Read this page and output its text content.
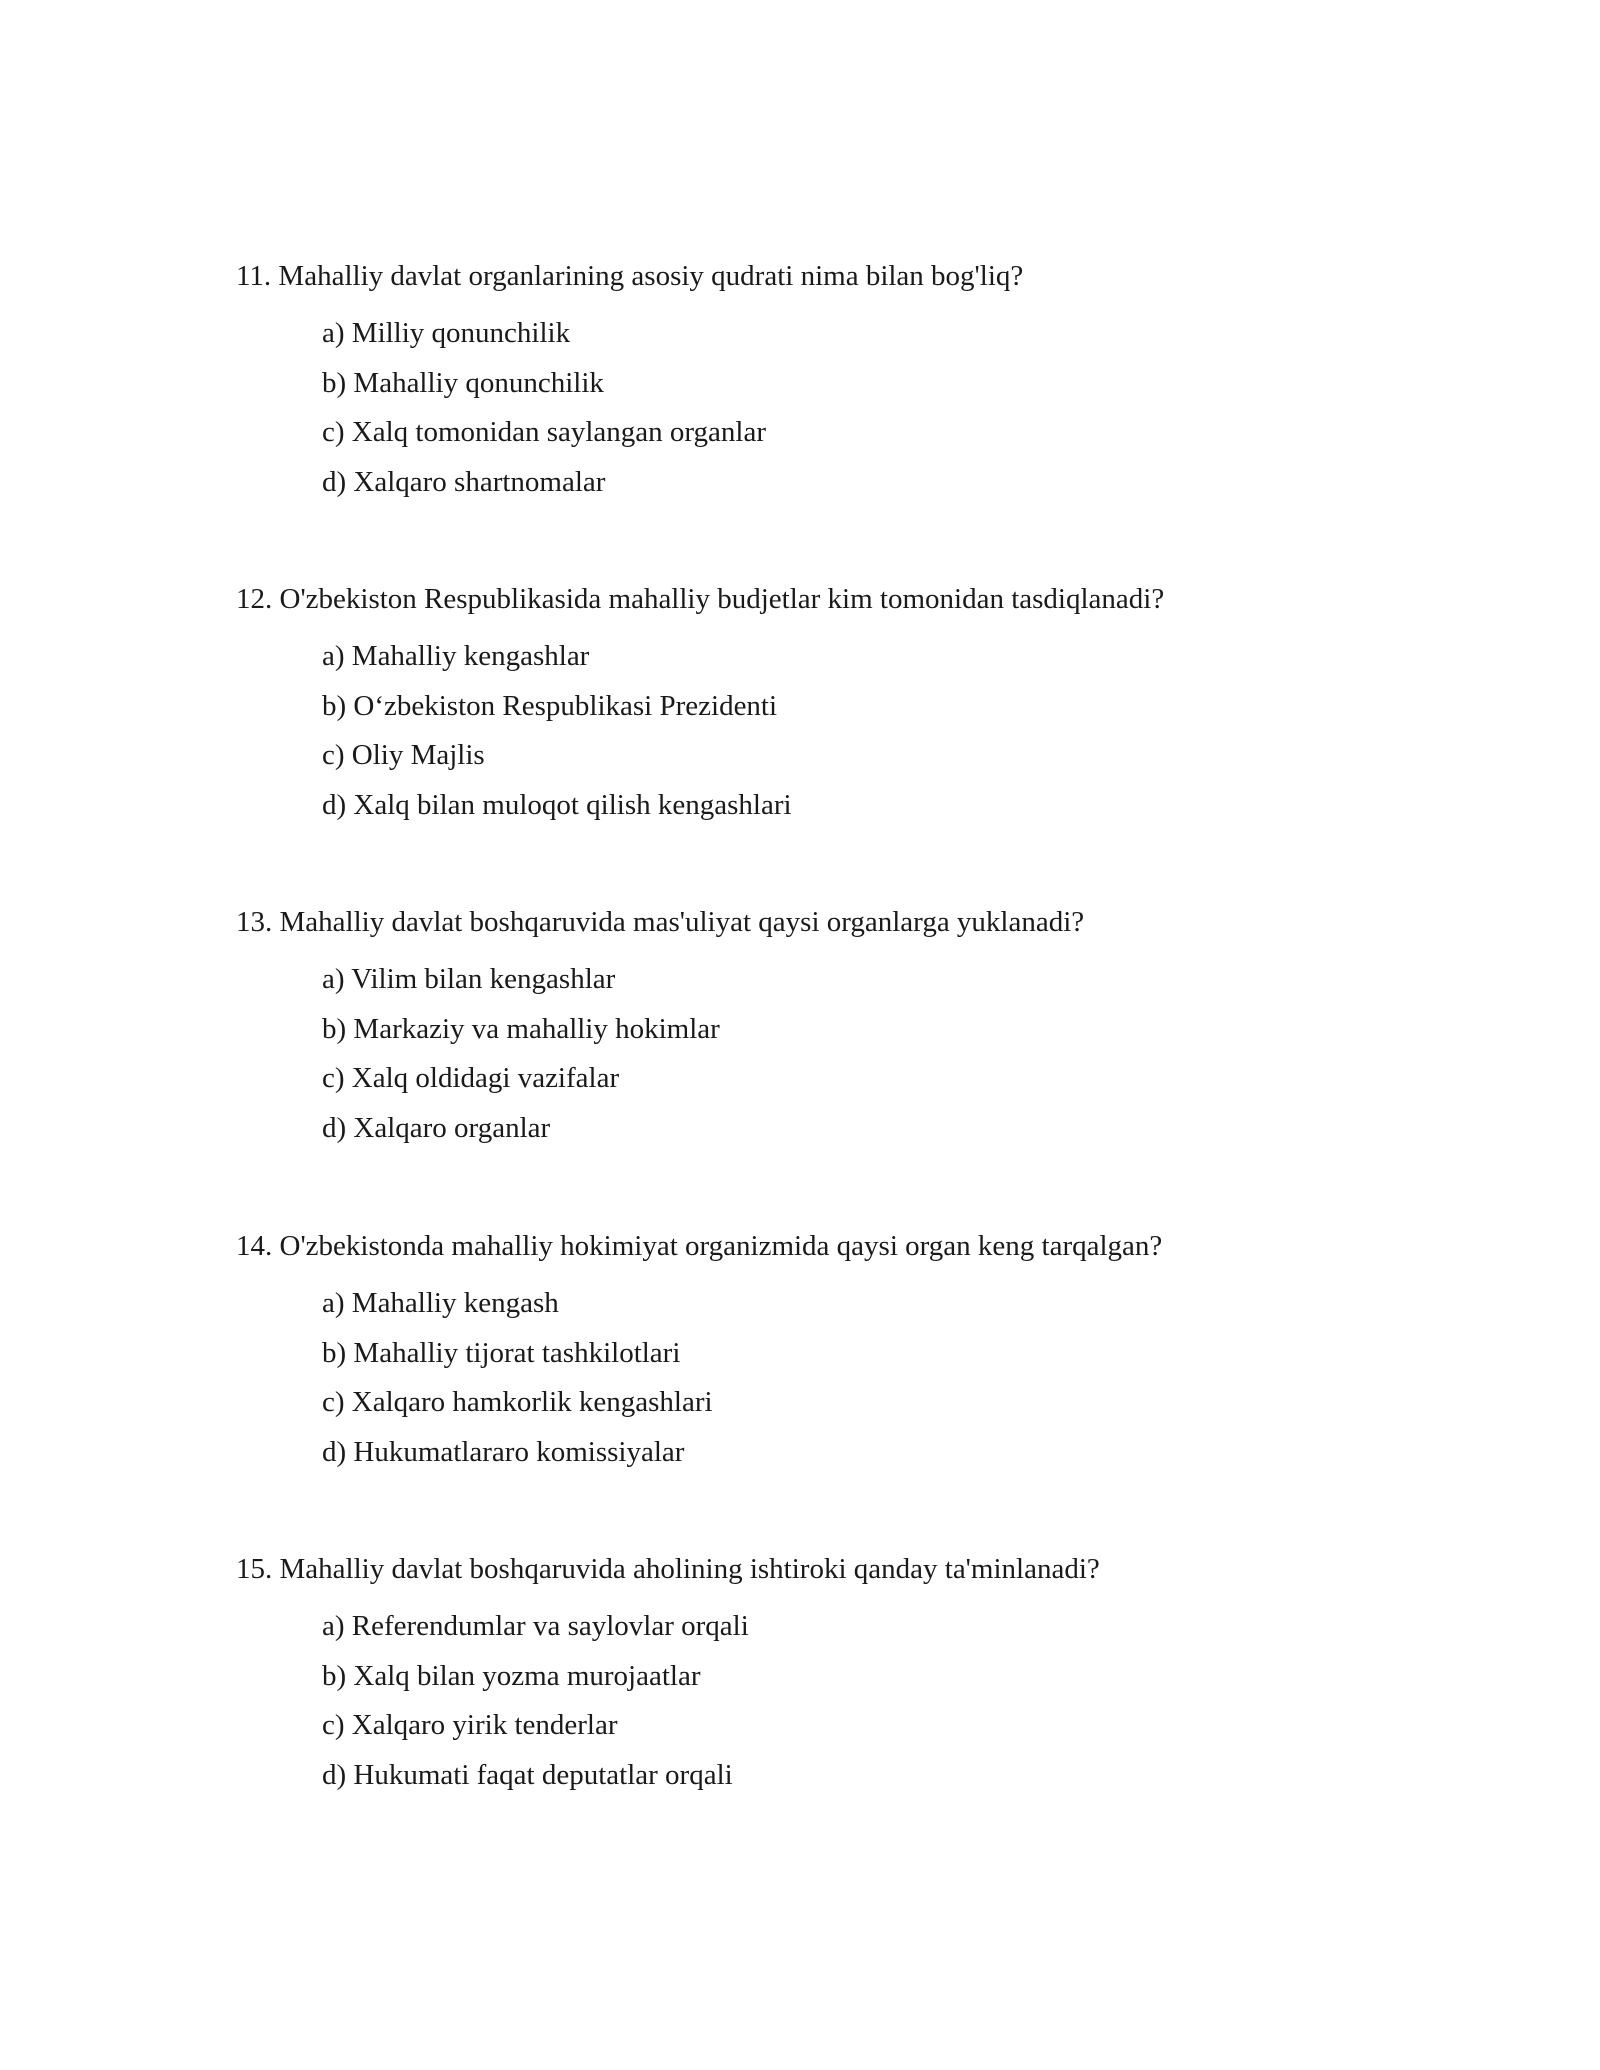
11. Mahalliy davlat organlarining asosiy qudrati nima bilan bog'liq?

a) Milliy qonunchilik
b) Mahalliy qonunchilik
c) Xalq tomonidan saylangan organlar
d) Xalqaro shartnomalar

12. O'zbekiston Respublikasida mahalliy budjetlar kim tomonidan tasdiqlanadi?

a) Mahalliy kengashlar
b) O‘zbekiston Respublikasi Prezidenti
c) Oliy Majlis
d) Xalq bilan muloqot qilish kengashlari

13. Mahalliy davlat boshqaruvida mas'uliyat qaysi organlarga yuklanadi?

a) Vilim bilan kengashlar
b) Markaziy va mahalliy hokimlar
c) Xalq oldidagi vazifalar
d) Xalqaro organlar

14. O'zbekistonda mahalliy hokimiyat organizmida qaysi organ keng tarqalgan?

a) Mahalliy kengash
b) Mahalliy tijorat tashkilotlari
c) Xalqaro hamkorlik kengashlari
d) Hukumatlararo komissiyalar

15. Mahalliy davlat boshqaruvida aholining ishtiroki qanday ta'minlanadi?

a) Referendumlar va saylovlar orqali
b) Xalq bilan yozma murojaatlar
c) Xalqaro yirik tenderlar
d) Hukumati faqat deputatlar orqali
